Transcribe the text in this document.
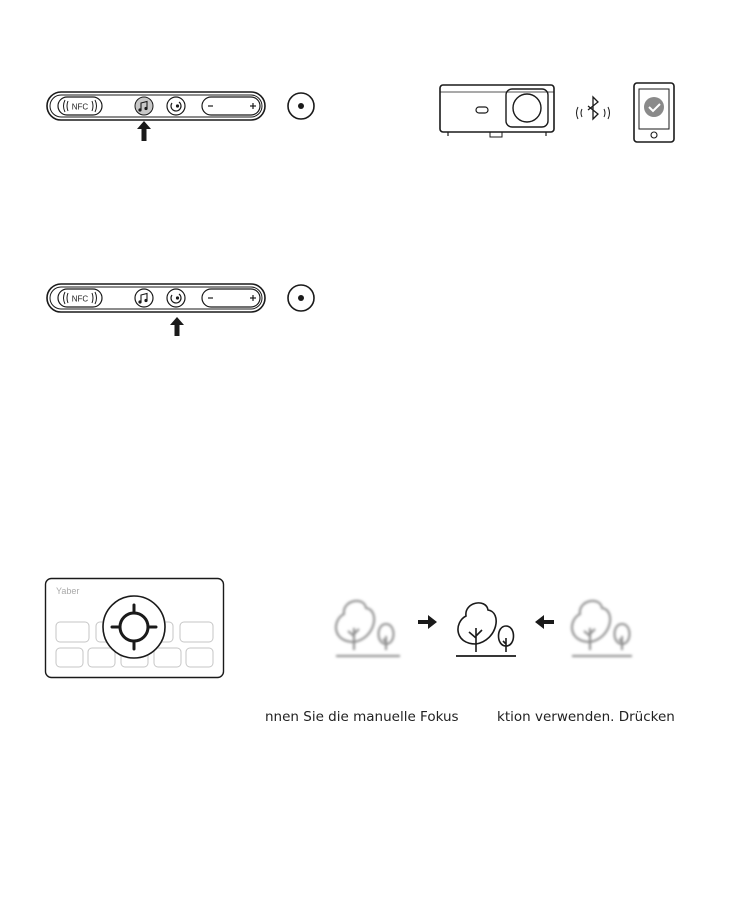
NFC
NFC
Yaber
nnen Sie die manuelle Fokus	ktion verwenden. Drücken
